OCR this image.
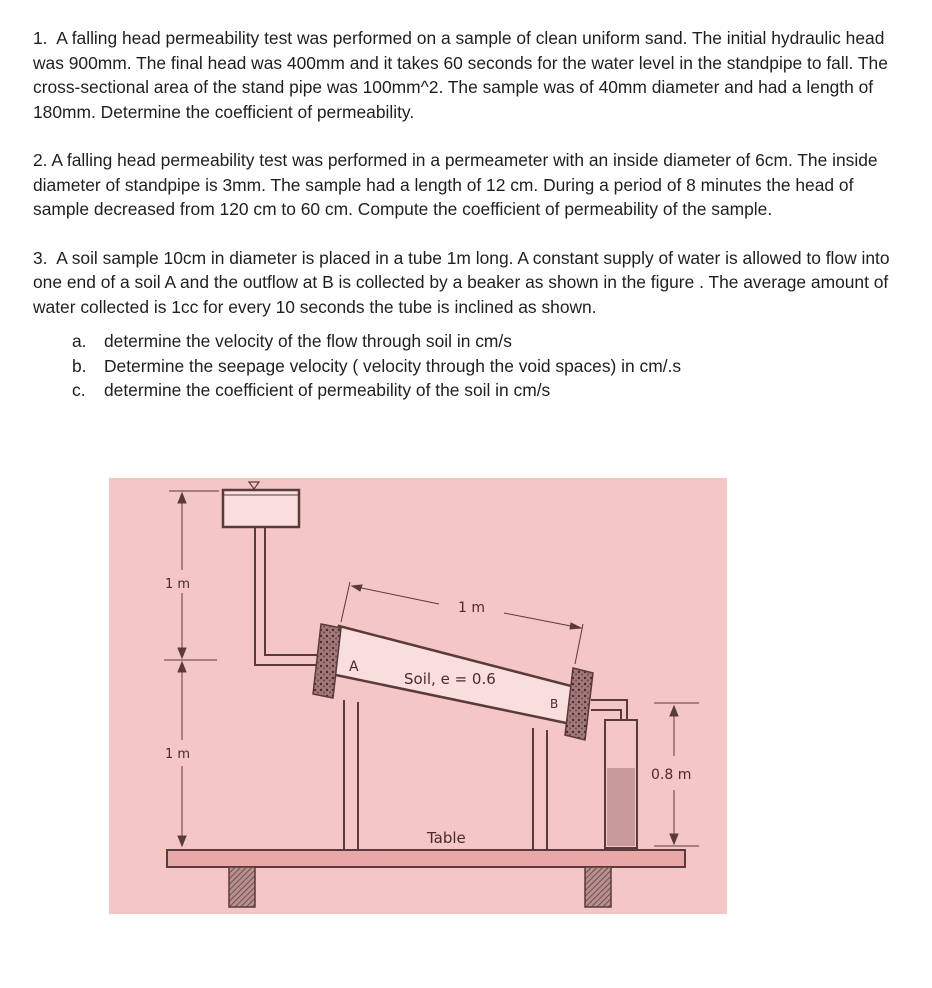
1. A falling head permeability test was performed on a sample of clean uniform sand. The initial hydraulic head was 900mm. The final head was 400mm and it takes 60 seconds for the water level in the standpipe to fall. The cross-sectional area of the stand pipe was 100mm^2. The sample was of 40mm diameter and had a length of 180mm. Determine the coefficient of permeability.

2. A falling head permeability test was performed in a permeameter with an inside diameter of 6cm. The inside diameter of standpipe is 3mm. The sample had a length of 12 cm. During a period of 8 minutes the head of sample decreased from 120 cm to 60 cm. Compute the coefficient of permeability of the sample.

3. A soil sample 10cm in diameter is placed in a tube 1m long. A constant supply of water is allowed to flow into one end of a soil A and the outflow at B is collected by a beaker as shown in the figure . The average amount of water collected is 1cc for every 10 seconds the tube is inclined as shown.

a. determine the velocity of the flow through soil in cm/s
b. Determine the seepage velocity ( velocity through the void spaces) in cm/.s
c. determine the coefficient of permeability of the soil in cm/s
1 m
1 m
1 m
Soil, e = 0.6
A
B
0.8 m
Table
